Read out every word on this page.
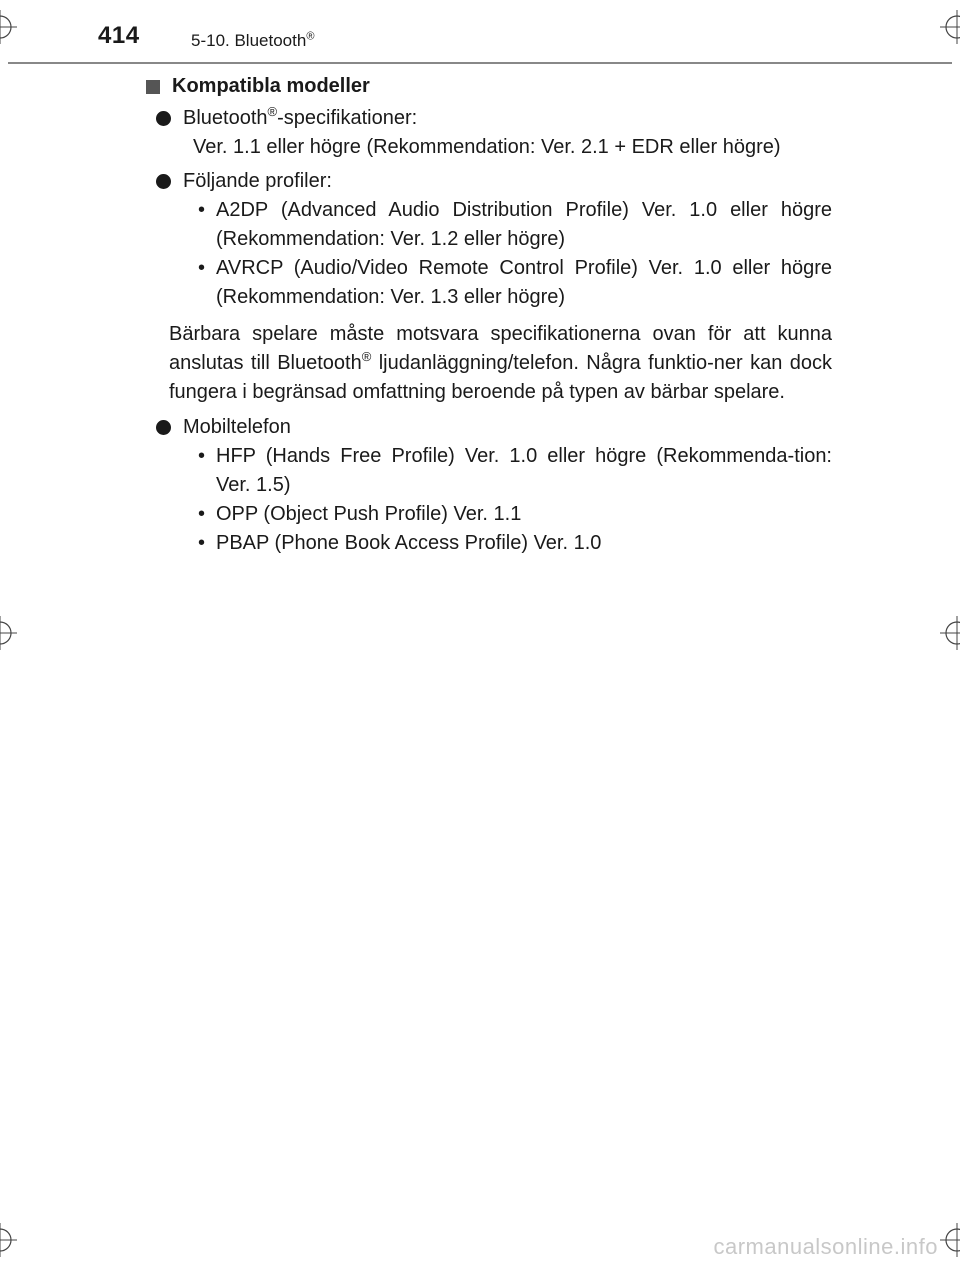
414	5-10. Bluetooth®
Kompatibla modeller
Bluetooth®-specifikationer:
Ver. 1.1 eller högre (Rekommendation: Ver. 2.1 + EDR eller högre)
Följande profiler:
• A2DP (Advanced Audio Distribution Profile) Ver. 1.0 eller högre (Rekommendation: Ver. 1.2 eller högre)
• AVRCP (Audio/Video Remote Control Profile) Ver. 1.0 eller högre (Rekommendation: Ver. 1.3 eller högre)
Bärbara spelare måste motsvara specifikationerna ovan för att kunna anslutas till Bluetooth® ljudanläggning/telefon. Några funktio-ner kan dock fungera i begränsad omfattning beroende på typen av bärbar spelare.
Mobiltelefon
• HFP (Hands Free Profile) Ver. 1.0 eller högre (Rekommenda-tion: Ver. 1.5)
• OPP (Object Push Profile) Ver. 1.1
• PBAP (Phone Book Access Profile) Ver. 1.0
carmanualsonline.info
